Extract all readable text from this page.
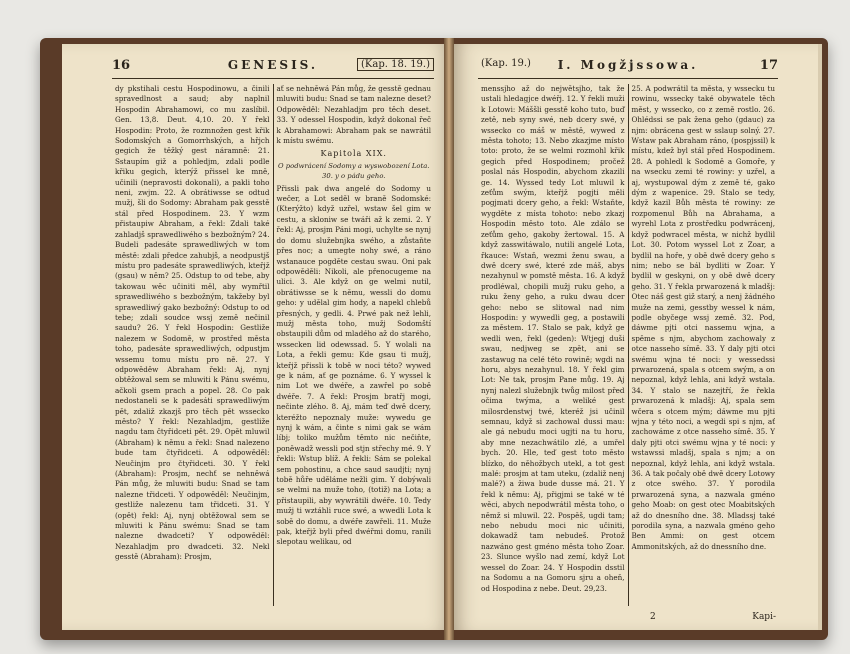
16	GENESIS.	(Kap. 18. 19.)
dy pkstihali cestu Hospodinowu, a činili spravedlnost a saud; aby naplnil Hospodin Abrahamowi, co mu zaslíbil. Gen. 13,8. Deut. 4,10. 20. Y řekl Hospodin: Proto, že rozmnožen gest křik Sodomských a Gomorrhských, a hřjch gegich že těžký gest náramně: 21. Sstaupím giž a pohledjm, zdali podle křiku gegich, kterýž přissel ke mně, učinili (nepravosti dokonali), a pakli toho neni, zwjm. 22. A obrátiwsse se odtud mužj, šli do Sodomy: Abraham pak gesstě stál před Hospodinem. 23. Y wzm přistaupiw Abraham, a řekl: Zdali také zahladjš sprawedliwého s bezbožným? 24. Budeli padesáte sprawedliwých w tom městě: zdali předce zahubjš, a neodpustjš místu pro padesáte sprawedliwých, kteřjž (gsau) w něm? 25. Odstup to od tebe, aby takowau wěc učiniti měl, aby wymřtil sprawedliwého s bezbožným, takžeby byl sprawedliwý gako bezbožný: Odstup to od tebe; zdali soudce wssj země nečinil saudu? 26. Y řekl Hospodin: Gestliže nalezem w Sodomě, w prostřed města toho, padesáte sprawedliwých, odpustjm wssemu tomu místu pro ně. 27. Y odpowěděw Abraham řekl: Aj, nynj obtěžowal sem se mluwiti k Pánu swému, ačkoli gsem prach a popel. 28. Co pak nedostaneli se k padesáti sprawedliwým pět, zdaliž zkazjš pro těch pět wssecko město? Y řekl: Nezahladjm, gestliže nagdu tam čtyřidceti pět. 29. Opět mluwil (Abraham) k němu a řekl: Snad nalezeno bude tam čtyřidceti. A odpowěděl: Neučinjm pro čtyřidceti. 30. Y řekl (Abraham): Prosjm, nechť se nehněwá Pán můg, že mluwiti budu: Snad se tam nalezne třidceti. Y odpowěděl: Neučinjm, gestliže nalezenu tam třidceti. 31. Y (opět) řekl: Aj, nynj obtěžowal sem se mluwiti k Pánu swému: Snad se tam nalezne dwadceti? Y odpowěděl: Nezahladjm pro dwadceti. 32. Nekl gesstě (Abraham): Prosjm,
ať se nehněwá Pán můg, že gesstě gednau mluwiti budu: Snad se tam nalezne deset? Odpowěděl: Nezahladjm pro těch deset. 33. Y odessel Hospodin, když dokonal řeč k Abrahamowi: Abraham pak se nawrátil k místu swému.
Kapitola XIX.
O podwrácení Sodomy a wyswobození Lota. 30. y o pádu geho.
Přissli pak dwa angelé do Sodomy u wečer, a Lot seděl w braně Sodomské: (Kterýžto) když uzřel, wstaw šel gim w cestu, a skloniw se twáři až k zemi. 2. Y řekl: Aj, prosjm Páni mogi, uchylte se nynj do domu služebnjka swého, a zůstaňte přes noc; a umegte nohy swé, a ráno wstanauce pogděte cestau swau. Oni pak odpowěděli: Nikoli, ale přenocugeme na ulici. 3. Ale když on ge welmi nutil, obrátiwsse se k němu, wessli do domu geho: y udělal gim hody, a napekl chlebů přesných, y gedli. 4. Prwé pak než lehli, mužj města toho, mužj Sodomští obstaupili dům od mladého až do starého, wssecken lid odewssad. 5. Y wolali na Lota, a řekli gemu: Kde gsau ti mužj, kteřjž přissli k tobě w noci této? wywed ge k nám, ať ge poznáme. 6. Y wyssel k nim Lot we dwéře, a zawřel po sobě dwéře. 7. A řekl: Prosjm bratřj mogi, nečinte zlého. 8. Aj, mám teď dwě dcery, kteréžto nepoznaly muže: wywedu ge nynj k wám, a činte s nimi gak se wám líbj; toliko mužům těmto nic nečiňte, poněwadž wessli pod stjn střechy mé. 9. Y řekli: Wstup blíž. A řekli: Sám se polekal sem pohostinu, a chce saud saudjti; nynj tobě hůře uděláme nežli gim. Y dobýwali se welmi na muže toho, (totiž) na Lota; a přistaupili, aby wywrátili dwéře. 10. Tedy mužj ti wztáhli ruce swé, a wwedli Lota k sobě do domu, a dwéře zawřeli. 11. Muže pak, kteřjž byli před dwéřmi domu, ranili slepotau welikau, od
(Kap. 19.)	I. Mogžjssowa.	17
menssjho až do nejwětsjho, tak že ustali hledagjce dwéřj. 12. Y řekli muži k Lotowi: Máššli gesstě koho tuto, buď zetě, neb syny swé, neb dcery swé, y wssecko co máš w městě, wywed z města tohoto; 13. Nebo zkazjme místo toto: proto, že se welmi rozmohl křik gegich před Hospodinem; pročež poslal nás Hospodin, abychom zkazili ge. 14. Wyssed tedy Lot mluwil k zeťům swým, kteřjž pogjti měli pogjmati dcery geho, a řekl: Wstaňte, wygděte z místa tohoto: nebo zkazj Hospodin město toto. Ale zdálo se zeťům geho, gakoby žertowal. 15. A když zasswitáwalo, nutili angelé Lota, řkauce: Wstaň, wezmi ženu swau, a dwě dcery swé, které zde máš, abys nezahynul w pomstě města. 16. A když prodléwal, chopili mužj ruku geho, a ruku ženy geho, a ruku dwau dcer geho: nebo se slitowal nad nim Hospodin: y wywedli geg, a postawili za městem. 17. Stalo se pak, když ge wedli wen, řekl (geden): Wtjegj duši swau, nedjweg se zpět, ani se zastawug na celé této rowině; wgdi na horu, abys nezahynul. 18. Y řekl gim Lot: Ne tak, prosjm Pane můg. 19. Aj nynj nalezl služebnjk twůg milost před očima twýma, a weliké gest milosrdenstwj twé, kteréž jsi učinil semnau, když si zachowal dussi mau: ale gá nebudu moci ugjti na tu horu, aby mne nezachwátilo zlé, a umřel bych. 20. Hle, teď gest toto město blízko, do něhožbych utekl, a tot gest malé: prosjm at tam uteku, (zdaliž nenj malé?) a žiwa bude dusse má. 21. Y řekl k němu: Aj, přigjmi se také w té wěci, abych nepodwrátil města toho, o němž si mluwil. 22. Pospěš, ugdi tam; nebo nebudu moci nic učiniti, dokawadž tam nebudeš. Protož nazwáno gest gméno města toho Zoar. 23. Slunce wyšlo nad zemí, když Lot wessel do Zoar. 24. Y Hospodin dsstil na Sodomu a na Gomoru sjru a oheň, od Hospodina z nebe. Deut. 29,23.
25. A podwrátil ta města, y wssecku tu rowinu, wssecky také obywatele těch měst, y wssecko, co z země rostlo. 26. Ohlédssi se pak žena geho (gdauc) za njm: obrácena gest w sslaup solný. 27. Wstaw pak Abraham ráno, (pospjssil) k místu, kdež byl stál před Hospodinem. 28. A pohledl k Sodomě a Gomoře, y na wsecku zemi té rowiny: y uzřel, a aj, wystupowal dým z země té, gako dým z wapenice. 29. Stalo se tedy, když kazil Bůh města té rowiny: ze rozpomenul Bůh na Abrahama, a wyrehl Lota z prostředku podwrácenj, když podwracel města, w nichž bydlil Lot. 30. Potom wyssel Lot z Zoar, a bydlil na hoře, y obě dwě dcery geho s nim; nebo se bál bydliti w Zoar. Y bydlil w geskyni, on y obě dwě dcery geho. 31. Y řekla prwarozená k mladšj: Otec náš gest giž starý, a nenj žádného muže na zemi, gesstby wessel k nám, podle obyčege wssj země. 32. Pod, dáwme pjti otci nassemu wjna, a spěme s njm, abychom zachowaly z otce nasseho símě. 33. Y daly pjti otci swému wjna té noci: y wessedssi prwarozená, spala s otcem swým, a on nepoznal, když lehla, ani když wstala. 34. Y stalo se nazejtří, že řekla prwarozená k mladšj: Aj, spala sem wčera s otcem mým; dáwme mu pjti wjna y této noci, a wegdi spi s njm, ať zachowáme z otce nasseho símě. 35. Y daly pjti otci swému wjna y té noci: y wstawssi mladšj, spala s njm; a on nepoznal, když lehla, ani když wstala. 36. A tak počaly obě dwě dcery Lotowy z otce swého. 37. Y porodila prwarozená syna, a nazwala gméno geho Moab: on gest otec Moabitských až do dnesního dne. 38. Mladssj také porodila syna, a nazwala gméno geho Ben Ammi: on gest otcem Ammonitských, až do dnessního dne.
2	Kapi-
